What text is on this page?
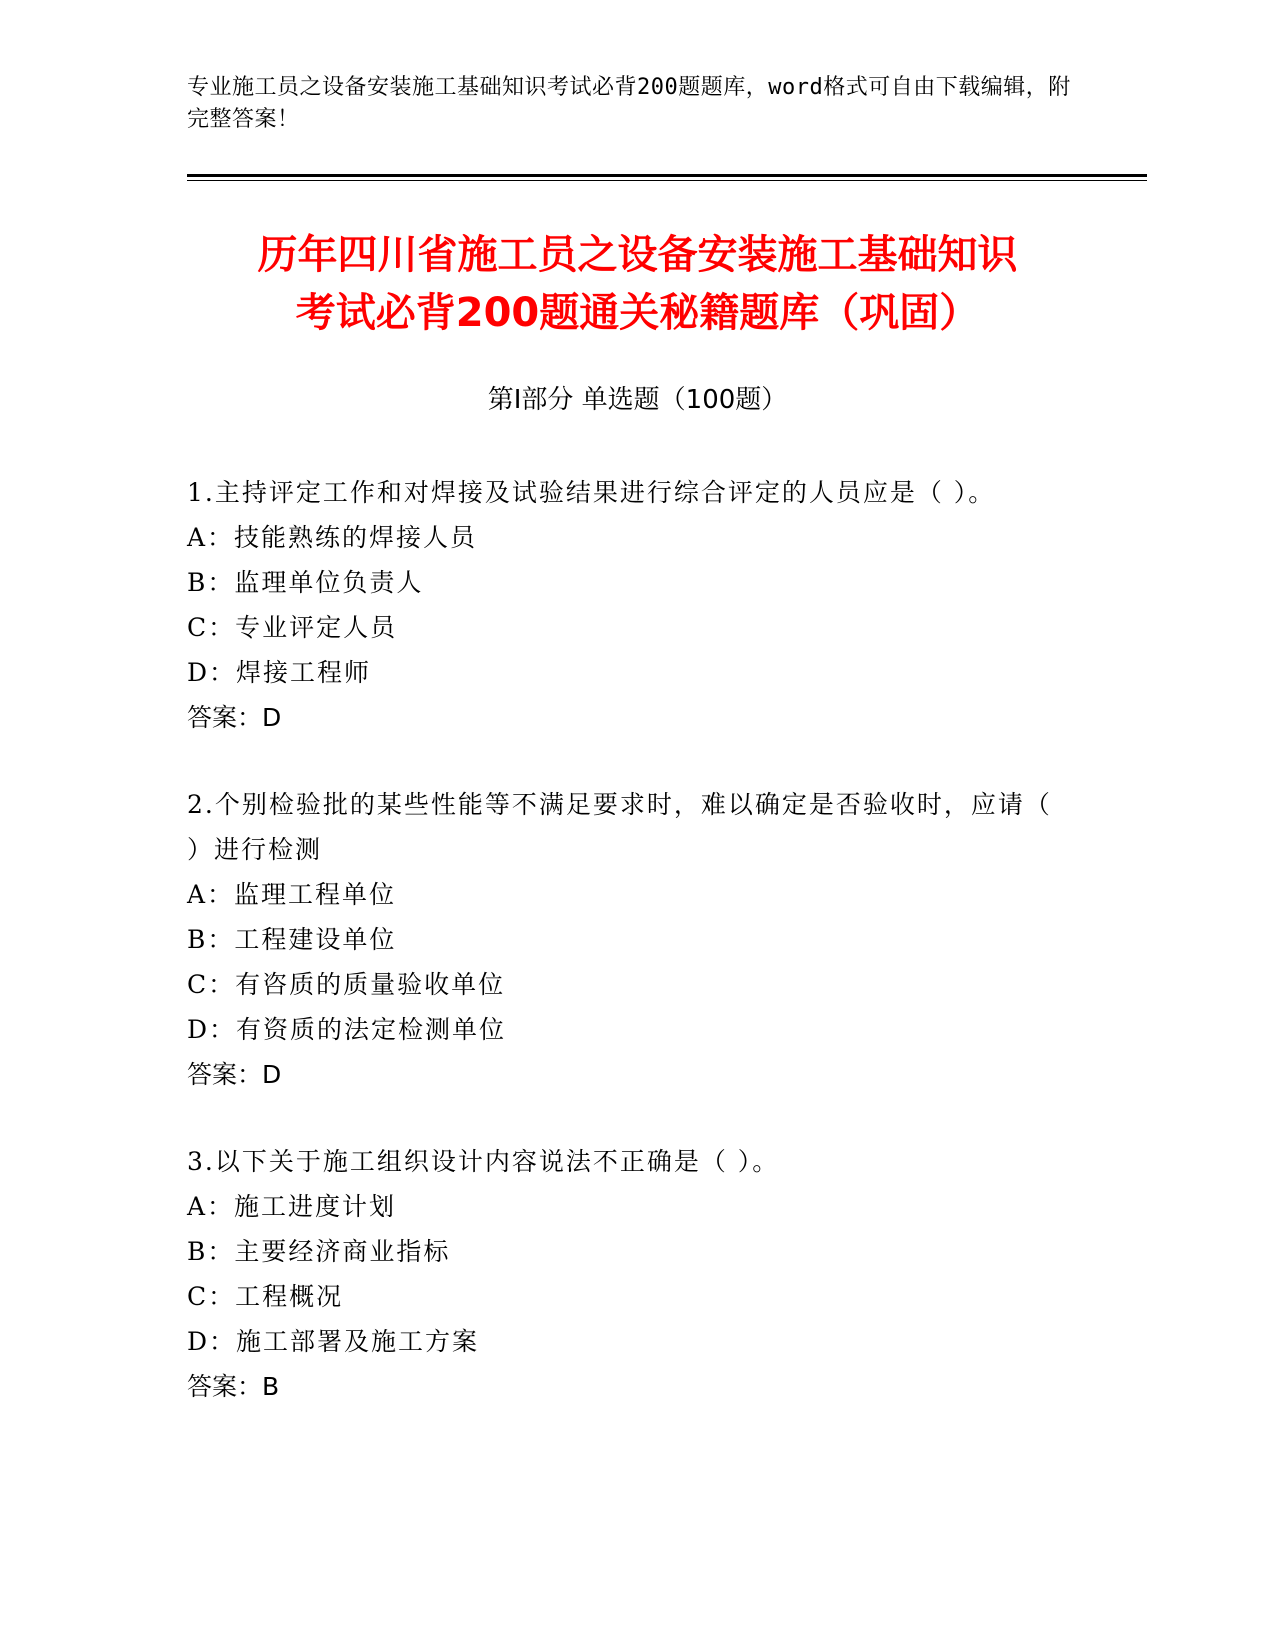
专业施工员之设备安装施工基础知识考试必背200题题库，word格式可自由下载编辑，附完整答案！
历年四川省施工员之设备安装施工基础知识
考试必背200题通关秘籍题库（巩固）
第I部分 单选题（100题）
1.主持评定工作和对焊接及试验结果进行综合评定的人员应是（ ）。
A：技能熟练的焊接人员
B：监理单位负责人
C：专业评定人员
D：焊接工程师
答案：D
2.个别检验批的某些性能等不满足要求时，难以确定是否验收时，应请（ ）进行检测
A：监理工程单位
B：工程建设单位
C：有咨质的质量验收单位
D：有资质的法定检测单位
答案：D
3.以下关于施工组织设计内容说法不正确是（ ）。
A：施工进度计划
B：主要经济商业指标
C：工程概况
D：施工部署及施工方案
答案：B
